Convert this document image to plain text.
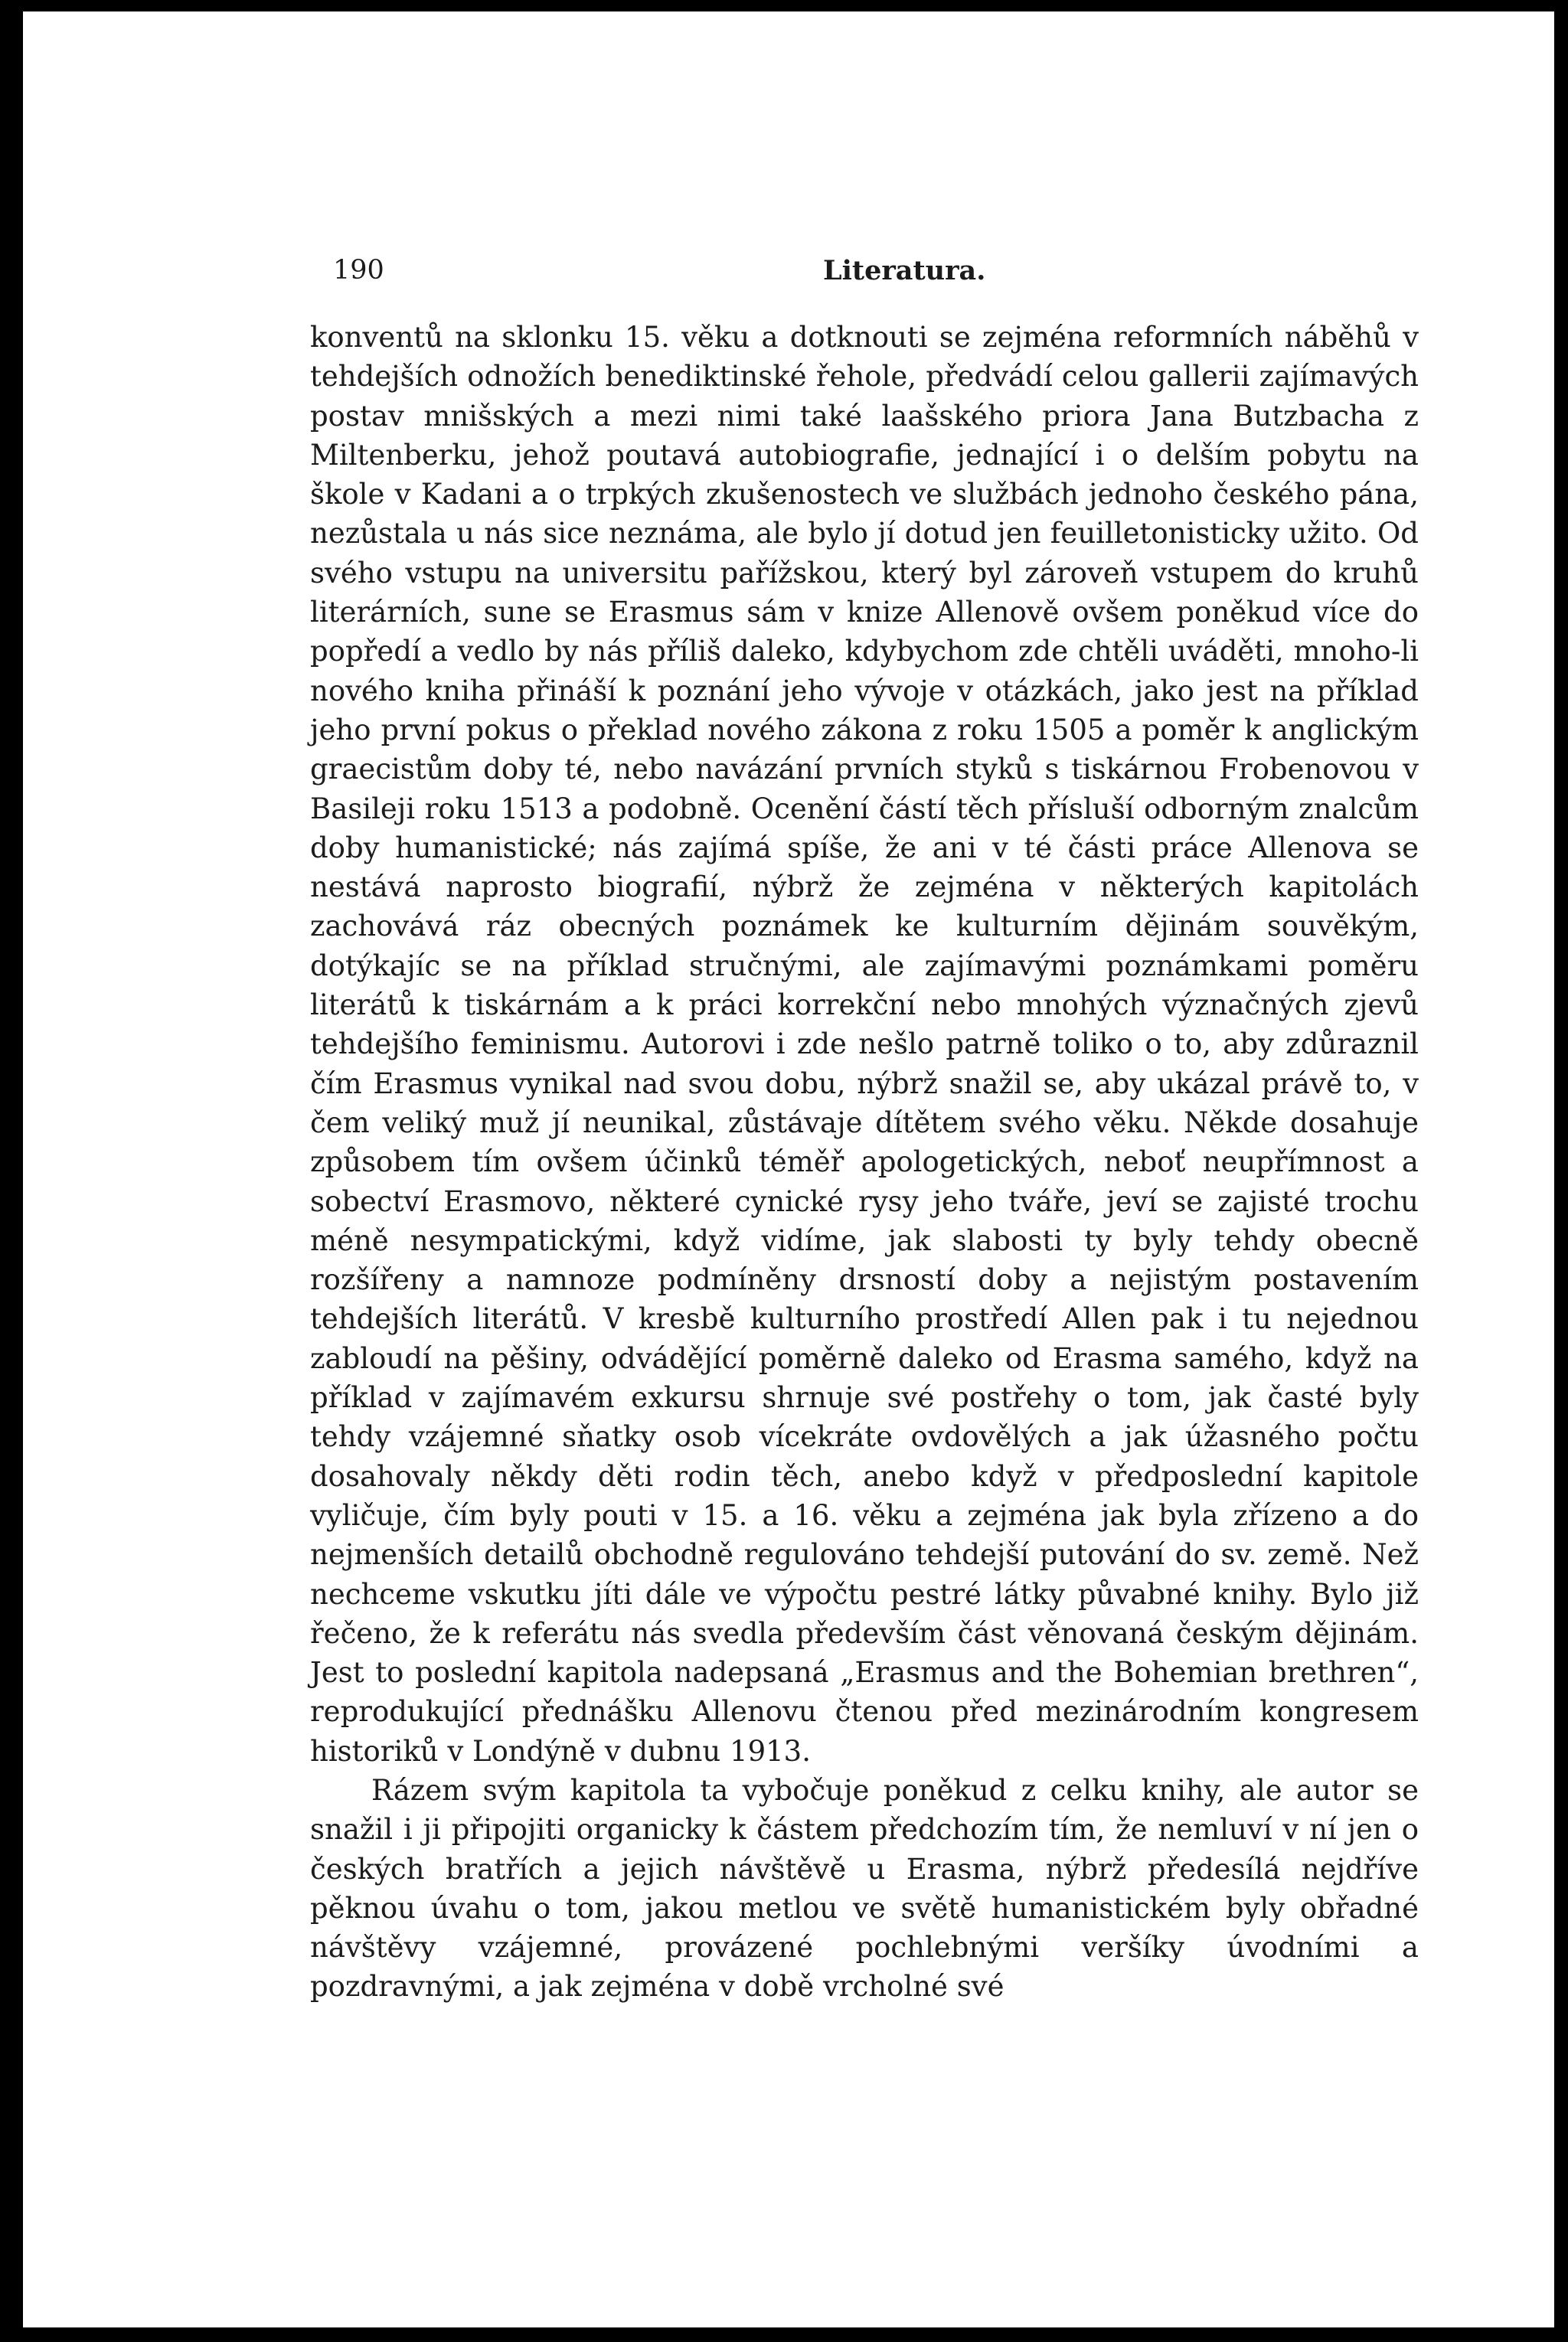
190	Literatura.

konventů na sklonku 15. věku a dotknouti se zejména reformních náběhů v tehdejších odnožích benediktinské řehole, předvádí celou gallerii zajímavých postav mnišských a mezi nimi také laašského priora Jana Butzbacha z Miltenberku, jehož poutavá autobiografie, jednající i o delším pobytu na škole v Kadani a o trpkých zkušenostech ve službách jednoho českého pána, nezůstala u nás sice neznáma, ale bylo jí dotud jen feuilletonisticky užito. Od svého vstupu na universitu pařížskou, který byl zároveň vstupem do kruhů literárních, sune se Erasmus sám v knize Allenově ovšem poněkud více do popředí a vedlo by nás příliš daleko, kdybychom zde chtěli uváděti, mnoho-li nového kniha přináší k poznání jeho vývoje v otázkách, jako jest na příklad jeho první pokus o překlad nového zákona z roku 1505 a poměr k anglickým graecistům doby té, nebo navázání prvních styků s tiskárnou Frobenovou v Basileji roku 1513 a podobně. Ocenění částí těch přísluší odborným znalcům doby humanistické; nás zajímá spíše, že ani v té části práce Allenova se nestává naprosto biografií, nýbrž že zejména v některých kapitolách zachovává ráz obecných poznámek ke kulturním dějinám souvěkým, dotýkajíc se na příklad stručnými, ale zajímavými poznámkami poměru literátů k tiskárnám a k práci korrekční nebo mnohých význačných zjevů tehdejšího feminismu. Autorovi i zde nešlo patrně toliko o to, aby zdůraznil čím Erasmus vynikal nad svou dobu, nýbrž snažil se, aby ukázal právě to, v čem veliký muž jí neunikal, zůstávaje dítětem svého věku. Někde dosahuje způsobem tím ovšem účinků téměř apologetických, neboť neupřímnost a sobectví Erasmovo, některé cynické rysy jeho tváře, jeví se zajisté trochu méně nesympatickými, když vidíme, jak slabosti ty byly tehdy obecně rozšířeny a namnoze podmíněny drsností doby a nejistým postavením tehdejších literátů. V kresbě kulturního prostředí Allen pak i tu nejednou zabloudí na pěšiny, odvádějící poměrně daleko od Erasma samého, když na příklad v zajímavém exkursu shrnuje své postřehy o tom, jak časté byly tehdy vzájemné sňatky osob vícekráte ovdovělých a jak úžasného počtu dosahovaly někdy děti rodin těch, anebo když v předposlední kapitole vyličuje, čím byly pouti v 15. a 16. věku a zejména jak byla zřízeno a do nejmenších detailů obchodně regulováno tehdejší putování do sv. země. Než nechceme vskutku jíti dále ve výpočtu pestré látky půvabné knihy. Bylo již řečeno, že k referátu nás svedla především část věnovaná českým dějinám. Jest to poslední kapitola nadepsaná „Erasmus and the Bohemian brethren“, reprodukující přednášku Allenovu čtenou před mezinárodním kongresem historiků v Londýně v dubnu 1913.

Rázem svým kapitola ta vybočuje poněkud z celku knihy, ale autor se snažil i ji připojiti organicky k částem předchozím tím, že nemluví v ní jen o českých bratřích a jejich návštěvě u Erasma, nýbrž předesílá nejdříve pěknou úvahu o tom, jakou metlou ve světě humanistickém byly obřadné návštěvy vzájemné, provázené pochlebnými veršíky úvodními a pozdravnými, a jak zejména v době vrcholné své
